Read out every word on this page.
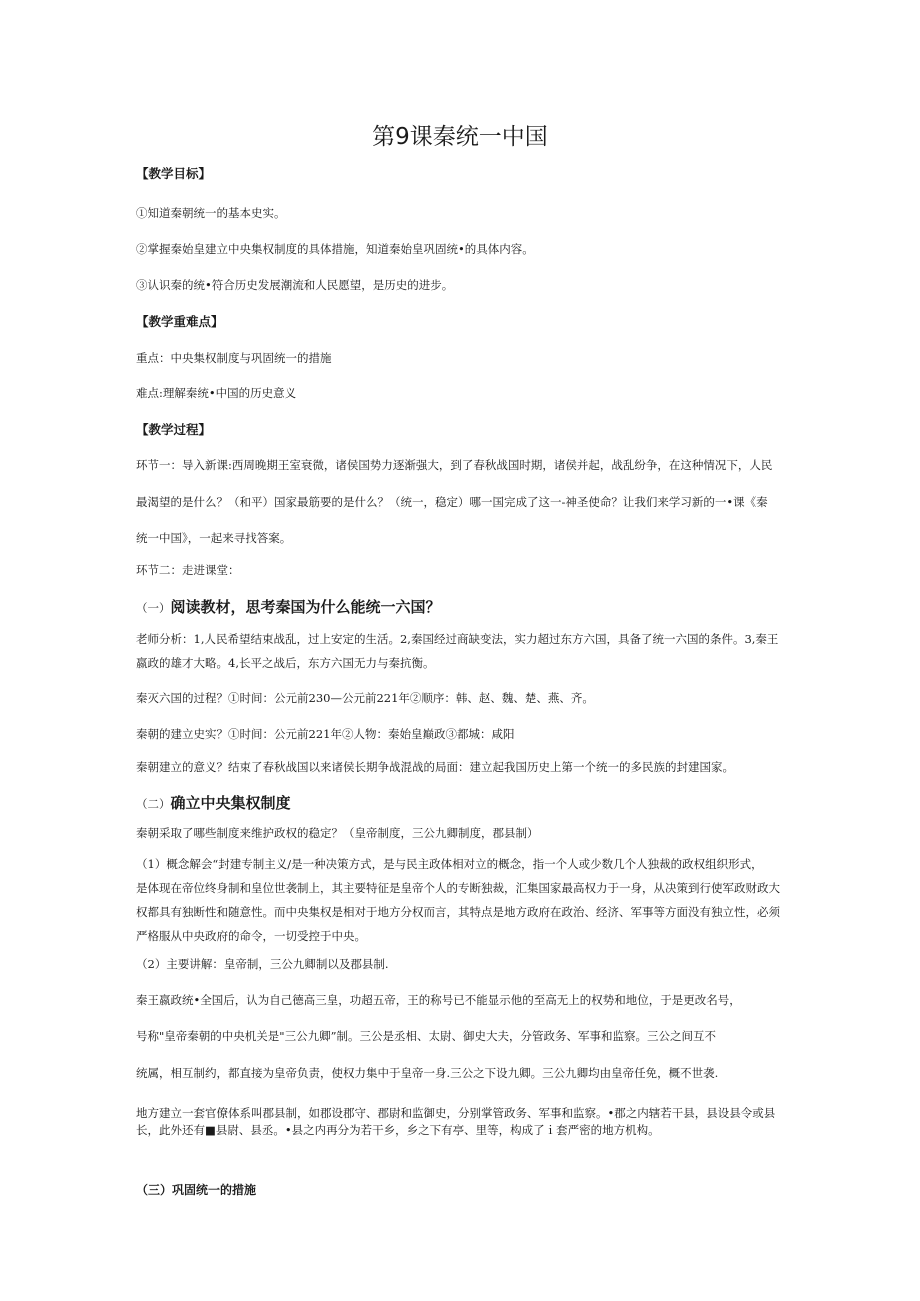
第9课秦统一中国
【教学目标】
①知道秦朝统一的基本史实。
②掌握秦始皇建立中央集权制度的具体措施，知道秦始皇巩固统•的具体内容。
③认识秦的统•符合历史发展潮流和人民愿望，是历史的进步。
【教学重难点】
重点：中央集权制度与巩固统一的措施
难点:理解秦统•中国的历史意义
【教学过程】
环节一：导入新课:西周晚期王室衰微，诸侯国势力逐渐强大，到了春秋战国时期，诸侯并起，战乱纷争，在这种情况下，人民
最渴望的是什么？（和平）国家最筋要的是什么？（统一，稳定）哪一国完成了这一-神圣使命？让我们来学习新的一•课《秦
统一中国》，一起来寻找答案。
环节二：走进课堂：
（一）阅读教材，思考秦国为什么能统一六国？
老师分析：1,人民希望结束战乱，过上安定的生活。2,秦国经过商缺变法，实力超过东方六国，具备了统一六国的条件。3,秦王
嬴政的雄才大略。4,长平之战后，东方六国无力与秦抗衡。
秦灭六国的过程？①时间：公元前230—公元前221年②顺序：韩、赵、魏、楚、燕、齐。
秦朝的建立史实？①时间：公元前221年②人物：秦始皇巅政③都城：咸阳
秦朝建立的意义？结束了春秋战国以来诸侯长期争战混战的局面：建立起我国历史上第一个统一的多民族的封建国家。
（二）确立中央集权制度
秦朝采取了哪些制度来维护政权的稳定？（皇帝制度，三公九卿制度，郡县制）
（1）概念解会“封建专制主义/是一种决策方式，是与民主政体相对立的概念，指一个人或少数几个人独裁的政权组织形式，
是体现在帝位终身制和皇位世袭制上，其主要特征是皇帝个人的专断独裁，汇集国家最高权力于一身，从决策到行使军政财政大
权都具有独断性和随意性。而中央集权是相对于地方分权而言，其特点是地方政府在政治、经济、军事等方面没有独立性，必须
严格服从中央政府的命令，一切受控于中央。
（2）主要讲解：皇帝制，三公九卿制以及郡县制.
秦王嬴政统•全国后，认为自己德高三皇，功超五帝，王的称号已不能显示他的至高无上的权势和地位，于是更改名号，
号称"皇帝秦朝的中央机关是"三公九卿”制。三公是丞相、太尉、御史大夫，分管政务、军事和监察。三公之间互不
统属，相互制约，都直接为皇帝负责，使权力集中于皇帝一身.三公之下设九卿。三公九卿均由皇帝任免，概不世袭.
地方建立一套官僚体系叫郡县制，如郡设郡守、郡尉和监御史，分别掌管政务、军事和监察。•郡之内辖若干县，县设县令或县
长，此外还有■县尉、县丞。•县之内再分为若干乡，乡之下有亭、里等，构成了ｉ套严密的地方机构。
（三）巩固统一的措施
